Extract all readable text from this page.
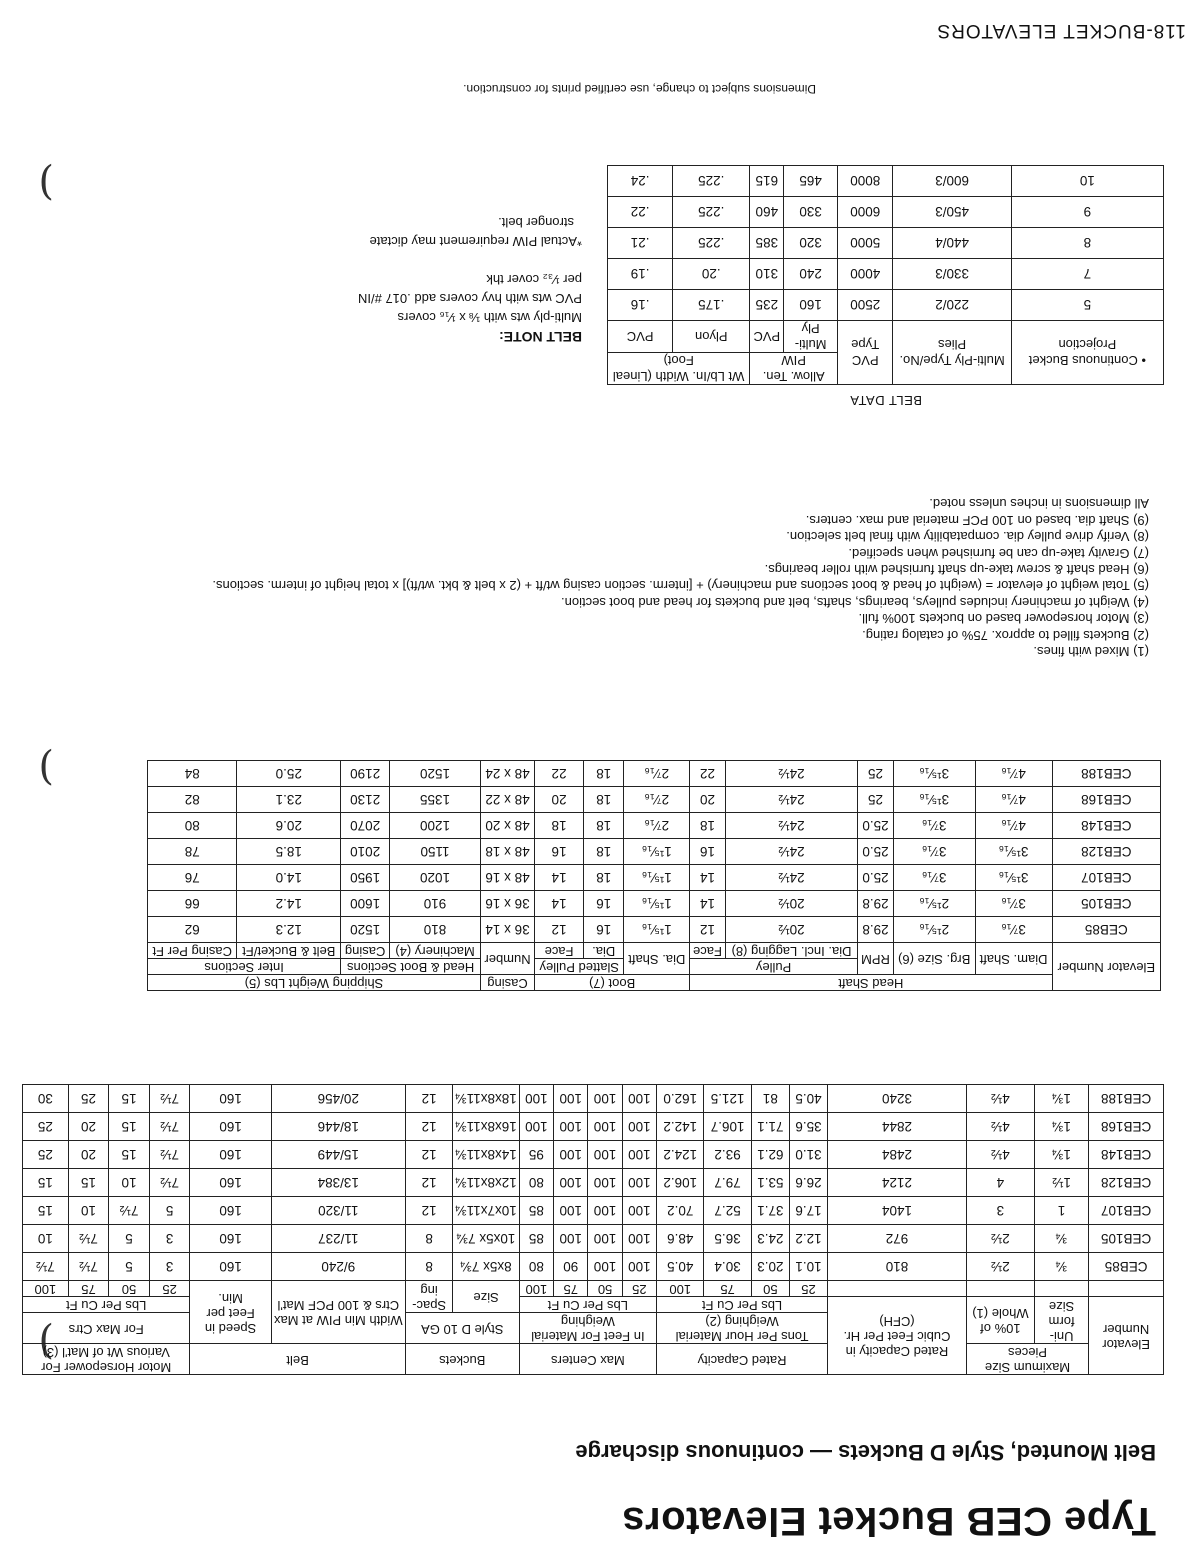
Type CEB Bucket Elevators
Belt Mounted, Style D Buckets — continuous discharge
)	Elevator Number	Maximum Size Pieces		Rated Capacity in Cubic Feet Per Hr. (CFH)	Rated Capacity				Max Centers				Buckets		Belt		Motor Horsepower For Various Wt of Mat'l (3)			
	Uni- form Size	10% of Whole (1)		Tons Per Hour Material Weighing (2)				In Feet For Material Weighing				Style D 10 GA		Width Min PIW at Max Ctrs & 100 PCF Mat'l	Speed in Feet per Min.	For Max Ctrs			
				Lbs Per Cu Ft				Lbs Per Cu Ft				Size	Spac- ing			Lbs Per Cu Ft			
				25	50	75	100	25	50	75	100					25	50	75	100
CEB85	¾	2½	810	10.1	20.3	30.4	40.5	100	100	90	80	8x5x 7¾	8	9/240	160	3	5	7½	7½
CEB105	¾	2½	972	12.2	24.3	36.5	48.6	100	100	100	85	10x5x 7¾	8	11/237	160	3	5	7½	10
CEB107	1	3	1404	17.6	37.1	52.7	70.2	100	100	100	85	10x7x11¾	12	11/320	160	5	7½	10	15
CEB128	1½	4	2124	26.6	53.1	79.7	106.2	100	100	100	80	12x8x11¾	12	13/384	160	7½	10	15	15
CEB148	1¾	4½	2484	31.0	62.1	93.2	124.2	100	100	100	95	14x8x11¾	12	15/449	160	7½	15	20	25
CEB168	1¾	4½	2844	35.6	71.1	106.7	142.2	100	100	100	100	16x8x11¾	12	18/446	160	7½	15	20	25
CEB188	1¾	4½	3240	40.5	81	121.5	162.0	100	100	100	100	18x8x11¾	12	20/456	160	7½	15	25	30
)
Elevator Number	Head Shaft					Boot (7)			Casing	Shipping Weight Lbs (5)			
	Diam. Shaft	Brg. Size (6)	RPM	Pulley		Dia. Shaft	Slatted Pulley		Number	Head & Boot Sections		Inter Sections	
				Dia. Incl. Lagging (8)	Face		Dia.	Face		Machinery (4)	Casing	Belt & Bucket/Ft	Casing Per Ft
CEB85	3⁷⁄₁₆	2¹⁵⁄₁₆	29.8	20½	12	1¹⁵⁄₁₆	16	12	36 x 14	810	1520	12.3	62
CEB105	3⁷⁄₁₆	2¹⁵⁄₁₆	29.8	20½	14	1¹⁵⁄₁₆	16	14	36 x 16	910	1600	14.2	66
CEB107	3¹⁵⁄₁₆	3⁷⁄₁₆	25.0	24½	14	1¹⁵⁄₁₆	18	14	48 x 16	1020	1950	14.0	76
CEB128	3¹⁵⁄₁₆	3⁷⁄₁₆	25.0	24½	16	1¹⁵⁄₁₆	18	16	48 x 18	1150	2010	18.5	78
CEB148	4⁷⁄₁₆	3⁷⁄₁₆	25.0	24½	18	2⁷⁄₁₆	18	18	48 x 20	1200	2070	20.6	80
CEB168	4⁷⁄₁₆	3¹⁵⁄₁₆	25	24½	20	2⁷⁄₁₆	18	20	48 x 22	1355	2130	23.1	82
CEB188	4⁷⁄₁₆	3¹⁵⁄₁₆	25	24½	22	2⁷⁄₁₆	18	22	48 x 24	1520	2190	25.0	84
(1) Mixed with fines.
(2) Buckets filled to approx. 75% of catalog rating.
(3) Motor horsepower based on buckets 100% full.
(4) Weight of machinery includes pulleys, bearings, shafts, belt and buckets for head and boot section.
(5) Total weight of elevator = (weight of head & boot sections and machinery) + [interm. section casing wt/ft + (2 x belt & bkt. wt/ft)] x total height of interm. sections.
(6) Head shaft & screw take-up shaft furnished with roller bearings.
(7) Gravity take-up can be furnished when specified.
(8) Verify drive pulley dia. compatability with final belt selection.
(9) Shaft dia. based on 100 PCF material and max. centers.
All dimensions in inches unless noted.
BELT DATA
• Continuous Bucket Projection	Multi-Ply Type/No. Plies	PVC Type	Allow. Ten. PIW		Wt Lb/In. Width (Lineal Foot)	
			Multi-Ply	PVC	Plyon	PVC
5	220/2	2500	160	235	.175	.16
7	330/3	4000	240	310	.20	.19
8	440/4	5000	320	385	.225	.21
9	450/3	6000	330	460	.225	.22
10	600/3	8000	465	615	.225	.24
BELT NOTE:
Multi-ply wts with ⅛ x ¹⁄₁₆ covers
PVC wts with hvy covers add .017 #/IN
per ¹⁄₃₂ cover thk
*Actual PIW requirement may dictate
stronger belt.
)
Dimensions subject to change, use certified prints for construction.
118-BUCKET ELEVATORS
